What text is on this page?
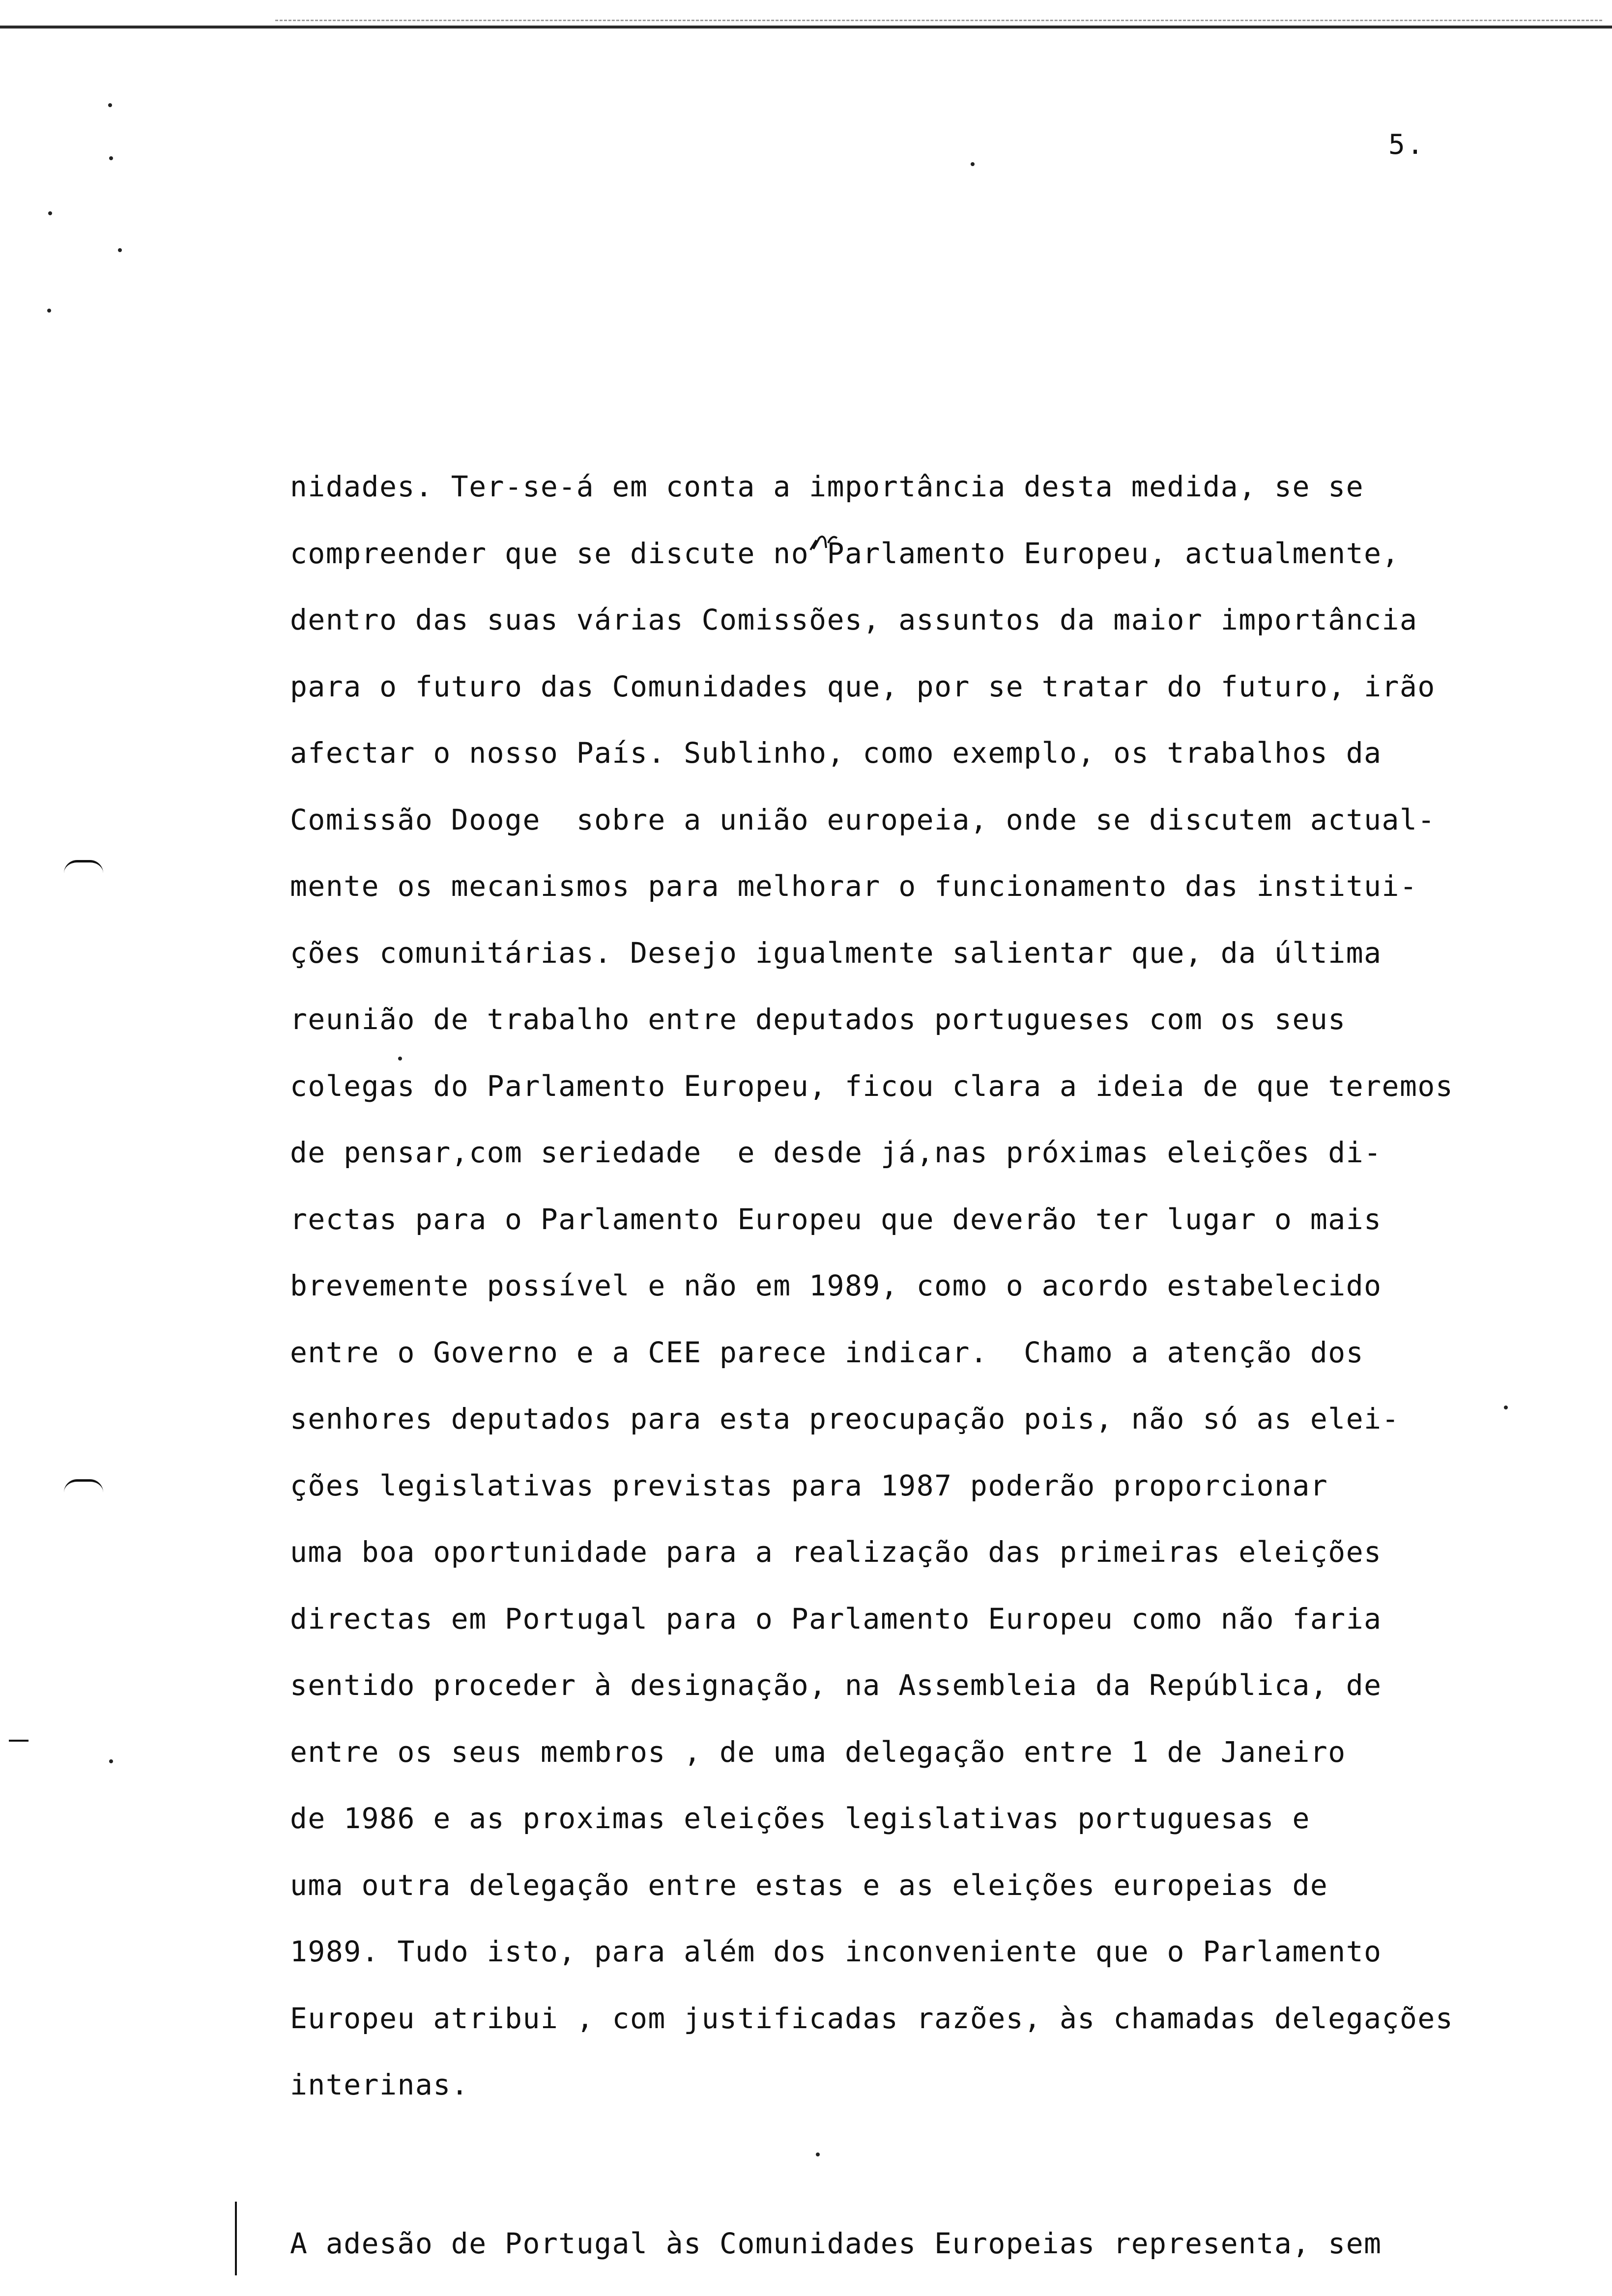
5.
nidades. Ter-se-á em conta a importância desta medida, se se
compreender que se discute no Parlamento Europeu, actualmente,
dentro das suas várias Comissões, assuntos da maior importância
para o futuro das Comunidades que, por se tratar do futuro, irão
afectar o nosso País. Sublinho, como exemplo, os trabalhos da
Comissão Dooge  sobre a união europeia, onde se discutem actual-
mente os mecanismos para melhorar o funcionamento das institui-
ções comunitárias. Desejo igualmente salientar que, da última
reunião de trabalho entre deputados portugueses com os seus
colegas do Parlamento Europeu, ficou clara a ideia de que teremos
de pensar,com seriedade  e desde já,nas próximas eleições di-
rectas para o Parlamento Europeu que deverão ter lugar o mais
brevemente possível e não em 1989, como o acordo estabelecido
entre o Governo e a CEE parece indicar.  Chamo a atenção dos
senhores deputados para esta preocupação pois, não só as elei-
ções legislativas previstas para 1987 poderão proporcionar
uma boa oportunidade para a realização das primeiras eleições
directas em Portugal para o Parlamento Europeu como não faria
sentido proceder à designação, na Assembleia da República, de
entre os seus membros , de uma delegação entre 1 de Janeiro
de 1986 e as proximas eleições legislativas portuguesas e
uma outra delegação entre estas e as eleições europeias de
1989. Tudo isto, para além dos inconveniente que o Parlamento
Europeu atribui , com justificadas razões, às chamadas delegações
interinas.
A adesão de Portugal às Comunidades Europeias representa, sem
